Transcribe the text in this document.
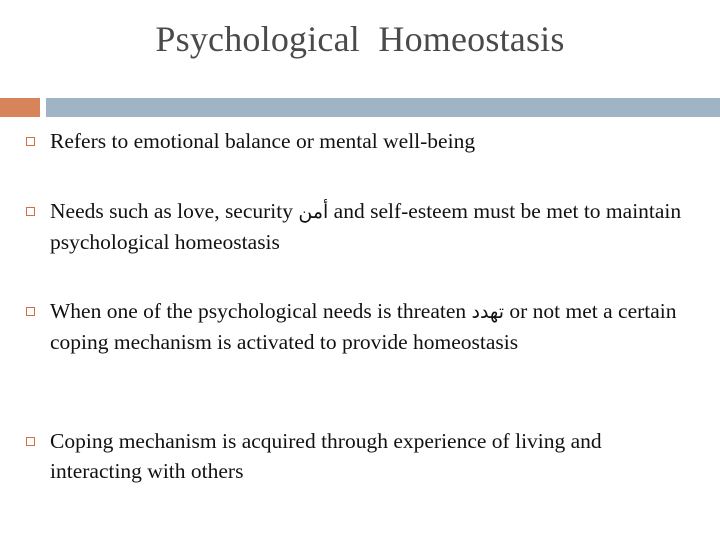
Psychological  Homeostasis
Refers to emotional balance or mental well-being
Needs such as love, security أمن and self-esteem must be met to maintain psychological homeostasis
When one of the psychological needs is threaten تهدد or not met a certain coping mechanism is activated to provide homeostasis
Coping mechanism is acquired through experience of living and interacting with others
